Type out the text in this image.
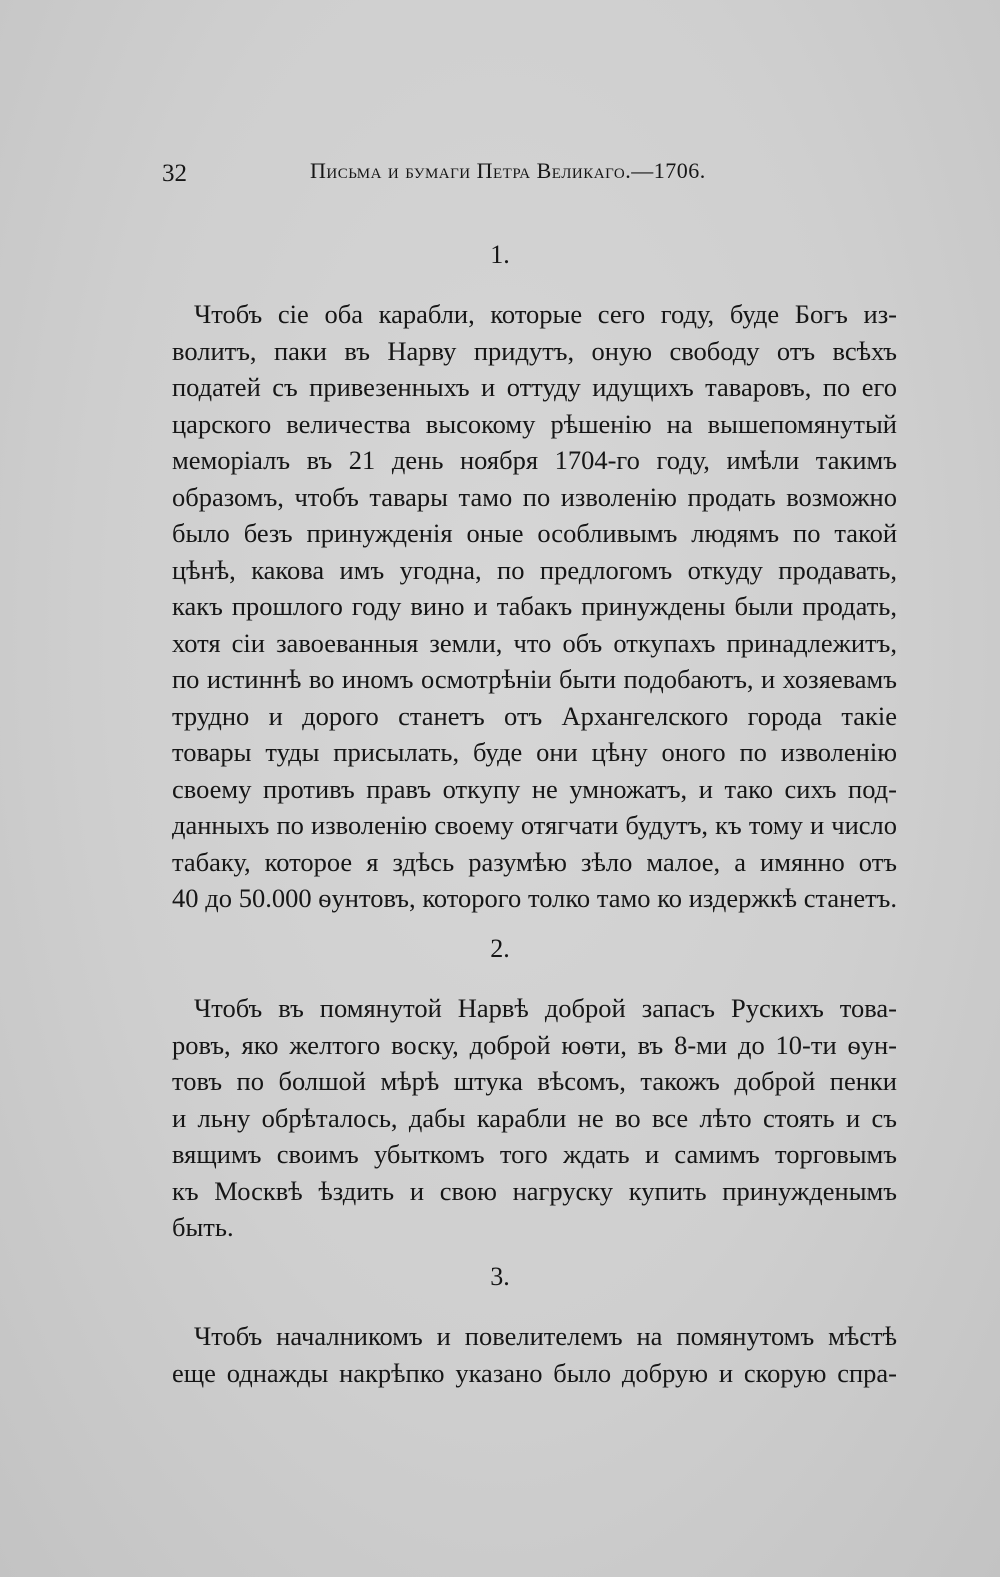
32	Письма и бумаги Петра Великаго.—1706.
1.
Чтобъ сіе оба карабли, которые сего году, буде Богъ из-
волитъ, паки въ Нарву придутъ, оную свободу отъ всѣхъ
податей съ привезенныхъ и оттуду идущихъ таваровъ, по его
царского величества высокому рѣшенію на вышепомянутый
меморіалъ въ 21 день ноября 1704-го году, имѣли такимъ
образомъ, чтобъ тавары тамо по изволенію продать возможно
было безъ принужденія оные особливымъ людямъ по такой
цѣнѣ, какова имъ угодна, по предлогомъ откуду продавать,
какъ прошлого году вино и табакъ принуждены были продать,
хотя сіи завоеванныя земли, что объ откупахъ принадлежитъ,
по истиннѣ во иномъ осмотрѣніи быти подобаютъ, и хозяевамъ
трудно и дорого станетъ отъ Архангелского города такіе
товары туды присылать, буде они цѣну оного по изволенію
своему противъ правъ откупу не умножатъ, и тако сихъ под-
данныхъ по изволенію своему отягчати будутъ, къ тому и число
табаку, которое я здѣсь разумѣю зѣло малое, а имянно отъ
40 до 50.000 ѳунтовъ, которого толко тамо ко издержкѣ станетъ.
2.
Чтобъ въ помянутой Нарвѣ доброй запасъ Рускихъ това-
ровъ, яко желтого воску, доброй юѳти, въ 8-ми до 10-ти ѳун-
товъ по болшой мѣрѣ штука вѣсомъ, такожъ доброй пенки
и льну обрѣталось, дабы карабли не во все лѣто стоять и съ
вящимъ своимъ убыткомъ того ждать и самимъ торговымъ
къ Москвѣ ѣздить и свою нагруску купить принужденымъ
быть.
3.
Чтобъ началникомъ и повелителемъ на помянутомъ мѣстѣ
еще однажды накрѣпко указано было добрую и скорую спра-
